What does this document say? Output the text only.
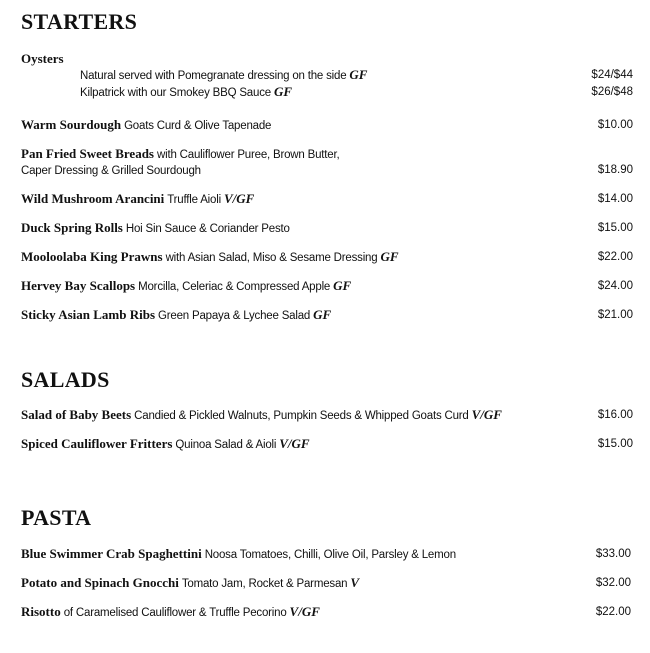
STARTERS
Oysters
Natural served with Pomegranate dressing on the side GF	$24/$44
Kilpatrick with our Smokey BBQ Sauce GF	$26/$48
Warm Sourdough Goats Curd & Olive Tapenade	$10.00
Pan Fried Sweet Breads with Cauliflower Puree, Brown Butter,
Caper Dressing & Grilled Sourdough	$18.90
Wild Mushroom Arancini Truffle Aioli V/GF	$14.00
Duck Spring Rolls Hoi Sin Sauce & Coriander Pesto	$15.00
Mooloolaba King Prawns with Asian Salad, Miso & Sesame Dressing GF	$22.00
Hervey Bay Scallops Morcilla, Celeriac & Compressed Apple GF	$24.00
Sticky Asian Lamb Ribs Green Papaya & Lychee Salad GF	$21.00
SALADS
Salad of Baby Beets Candied & Pickled Walnuts, Pumpkin Seeds & Whipped Goats Curd V/GF	$16.00
Spiced Cauliflower Fritters Quinoa Salad & Aioli V/GF	$15.00
PASTA
Blue Swimmer Crab Spaghettini Noosa Tomatoes, Chilli, Olive Oil, Parsley & Lemon	$33.00
Potato and Spinach Gnocchi Tomato Jam, Rocket & Parmesan V	$32.00
Risotto of Caramelised Cauliflower & Truffle Pecorino V/GF	$22.00
